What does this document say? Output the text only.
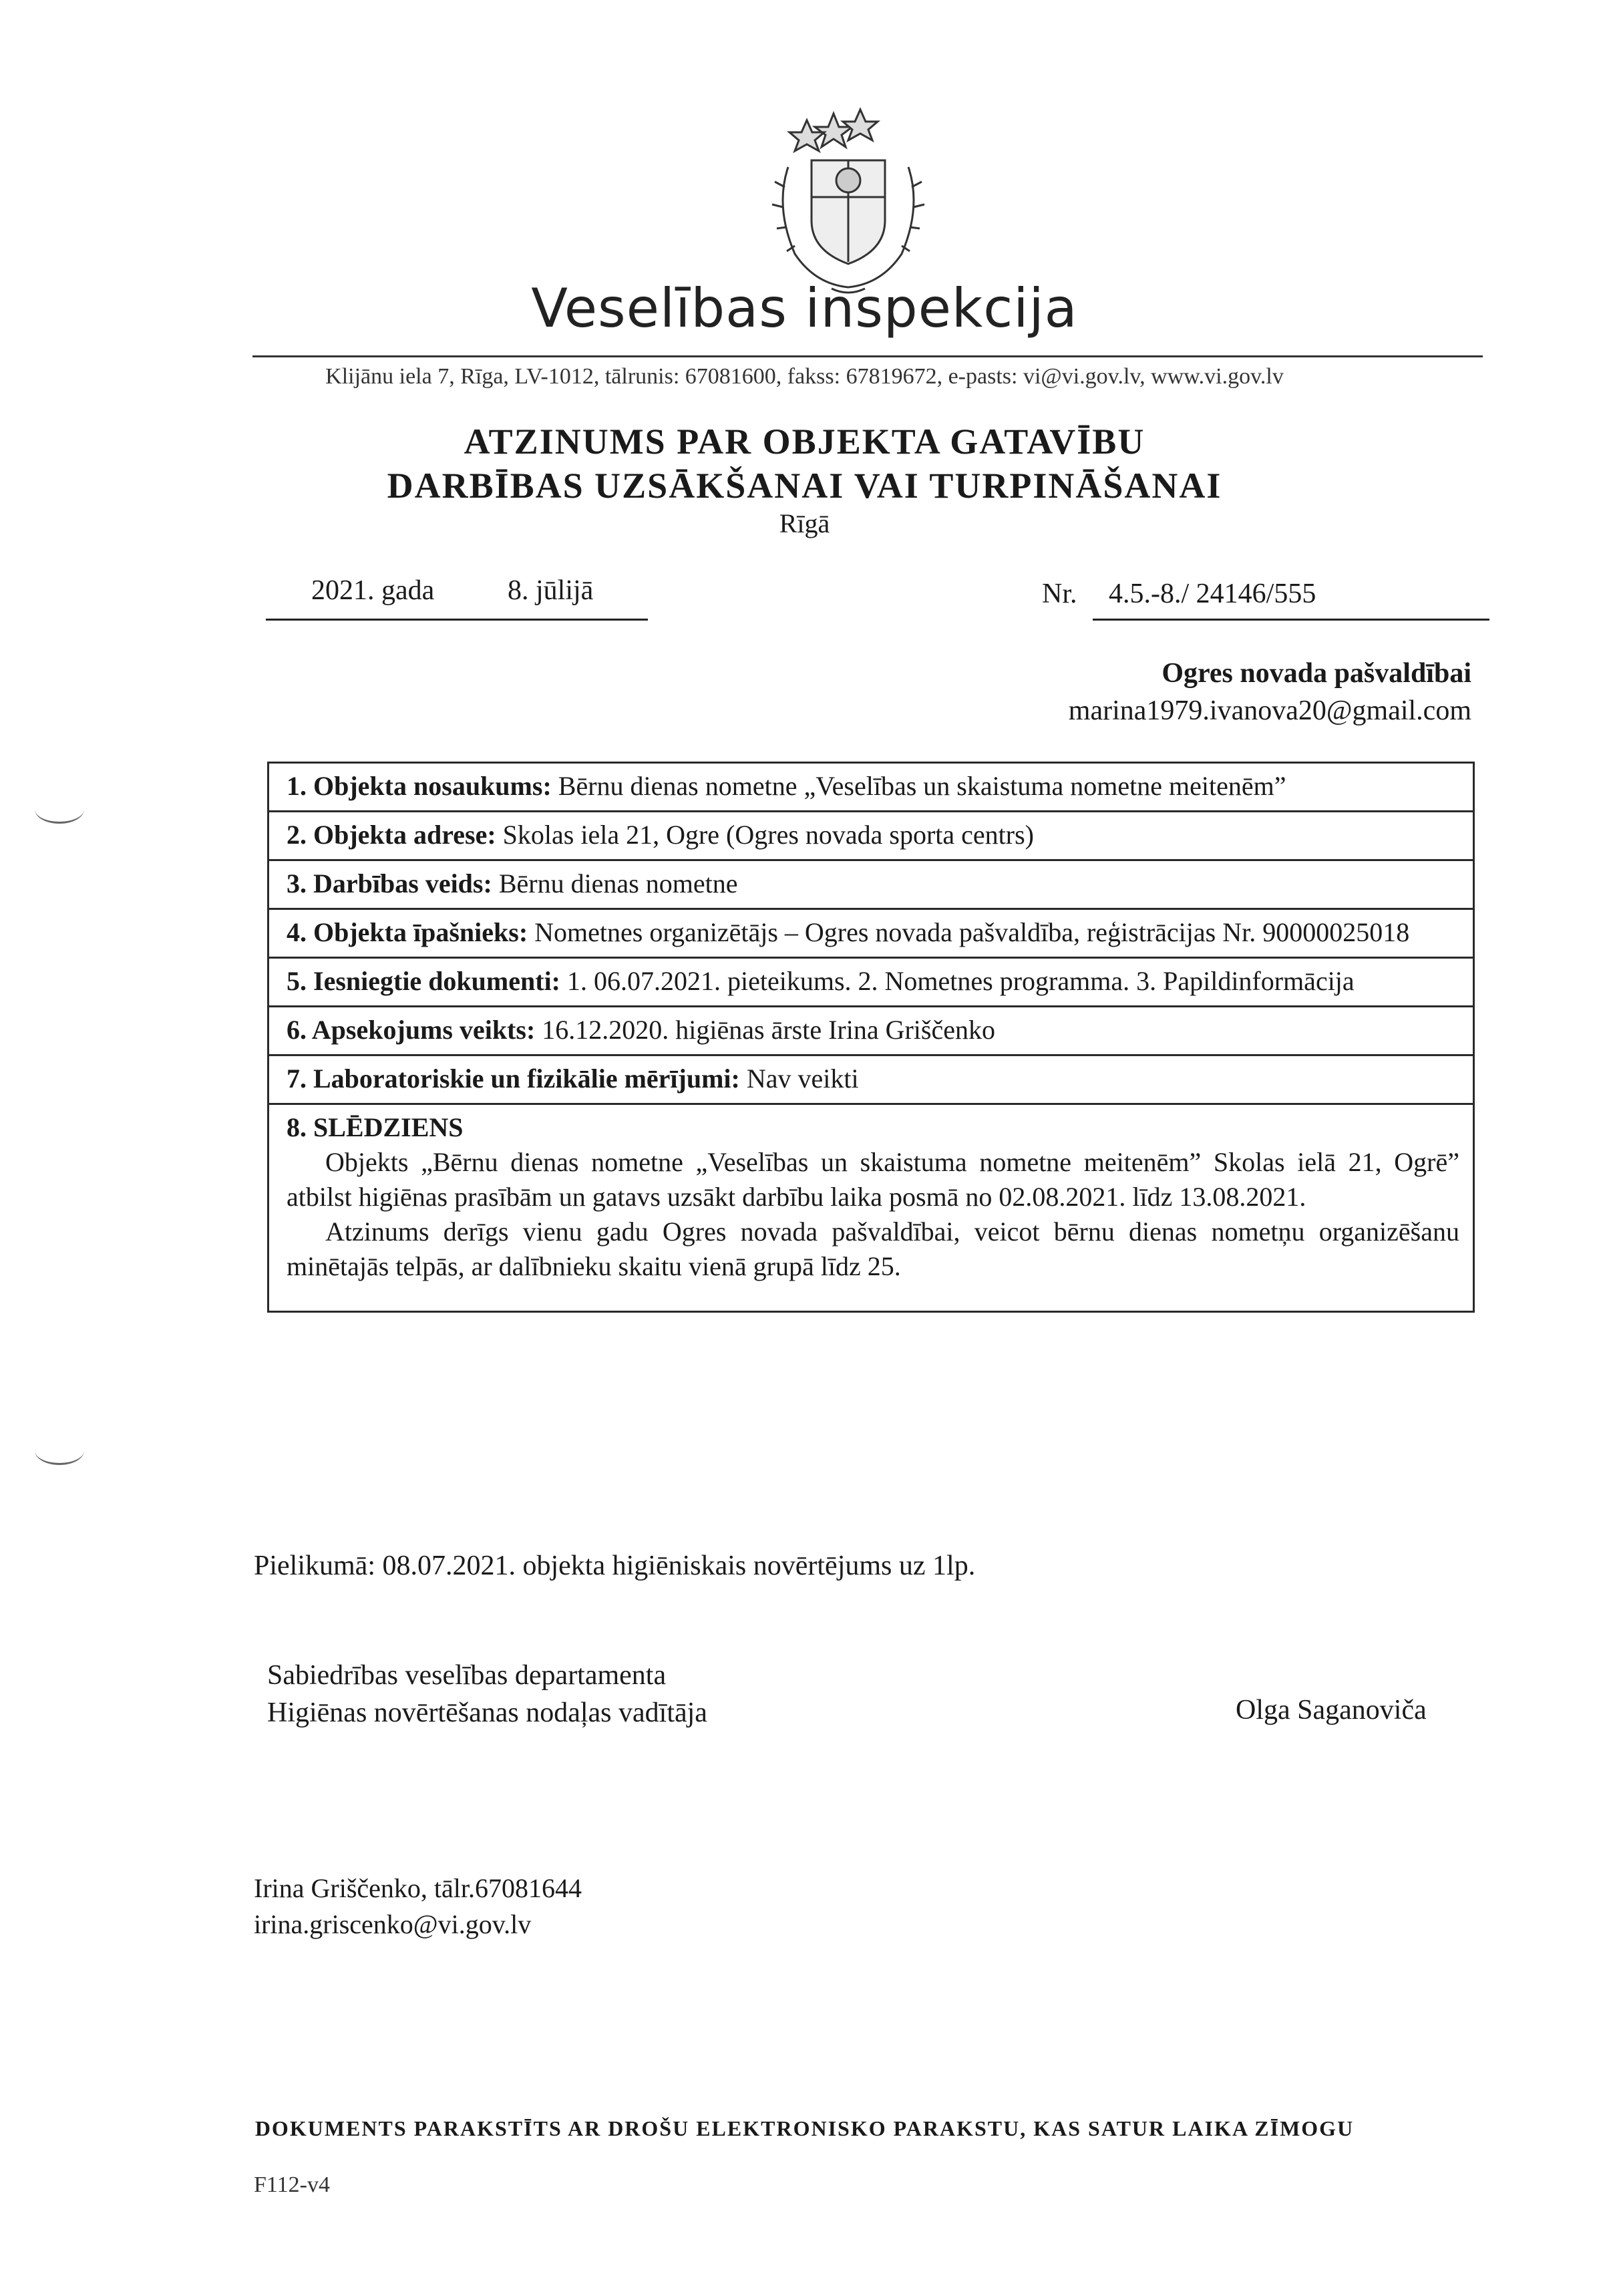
Veselības inspekcija
Klijānu iela 7, Rīga, LV-1012, tālrunis: 67081600, fakss: 67819672, e-pasts: vi@vi.gov.lv, www.vi.gov.lv
ATZINUMS PAR OBJEKTA GATAVĪBU
DARBĪBAS UZSĀKŠANAI VAI TURPINĀŠANAI
Rīgā
2021. gada	8. jūlijā	Nr. 4.5.-8./ 24146/555
Ogres novada pašvaldībai
marina1979.ivanova20@gmail.com
1. Objekta nosaukums: Bērnu dienas nometne „Veselības un skaistuma nometne meitenēm”
2. Objekta adrese: Skolas iela 21, Ogre (Ogres novada sporta centrs)
3. Darbības veids: Bērnu dienas nometne
4. Objekta īpašnieks: Nometnes organizētājs – Ogres novada pašvaldība, reģistrācijas Nr. 90000025018
5. Iesniegtie dokumenti: 1. 06.07.2021. pieteikums. 2. Nometnes programma. 3. Papildinformācija
6. Apsekojums veikts: 16.12.2020. higiēnas ārste Irina Griščenko
7. Laboratoriskie un fizikālie mērījumi: Nav veikti

8. SLĒDZIENS

Objekts „Bērnu dienas nometne „Veselības un skaistuma nometne meitenēm” Skolas ielā 21, Ogrē” atbilst higiēnas prasībām un gatavs uzsākt darbību laika posmā no 02.08.2021. līdz 13.08.2021.

Atzinums derīgs vienu gadu Ogres novada pašvaldībai, veicot bērnu dienas nometņu organizēšanu minētajās telpās, ar dalībnieku skaitu vienā grupā līdz 25.

Pielikumā: 08.07.2021. objekta higiēniskais novērtējums uz 1lp.
Sabiedrības veselības departamenta
Higiēnas novērtēšanas nodaļas vadītāja	Olga Saganoviča
Irina Griščenko, tālr.67081644
irina.griscenko@vi.gov.lv
DOKUMENTS PARAKSTĪTS AR DROŠU ELEKTRONISKO PARAKSTU, KAS SATUR LAIKA ZĪMOGU
F112-v4
